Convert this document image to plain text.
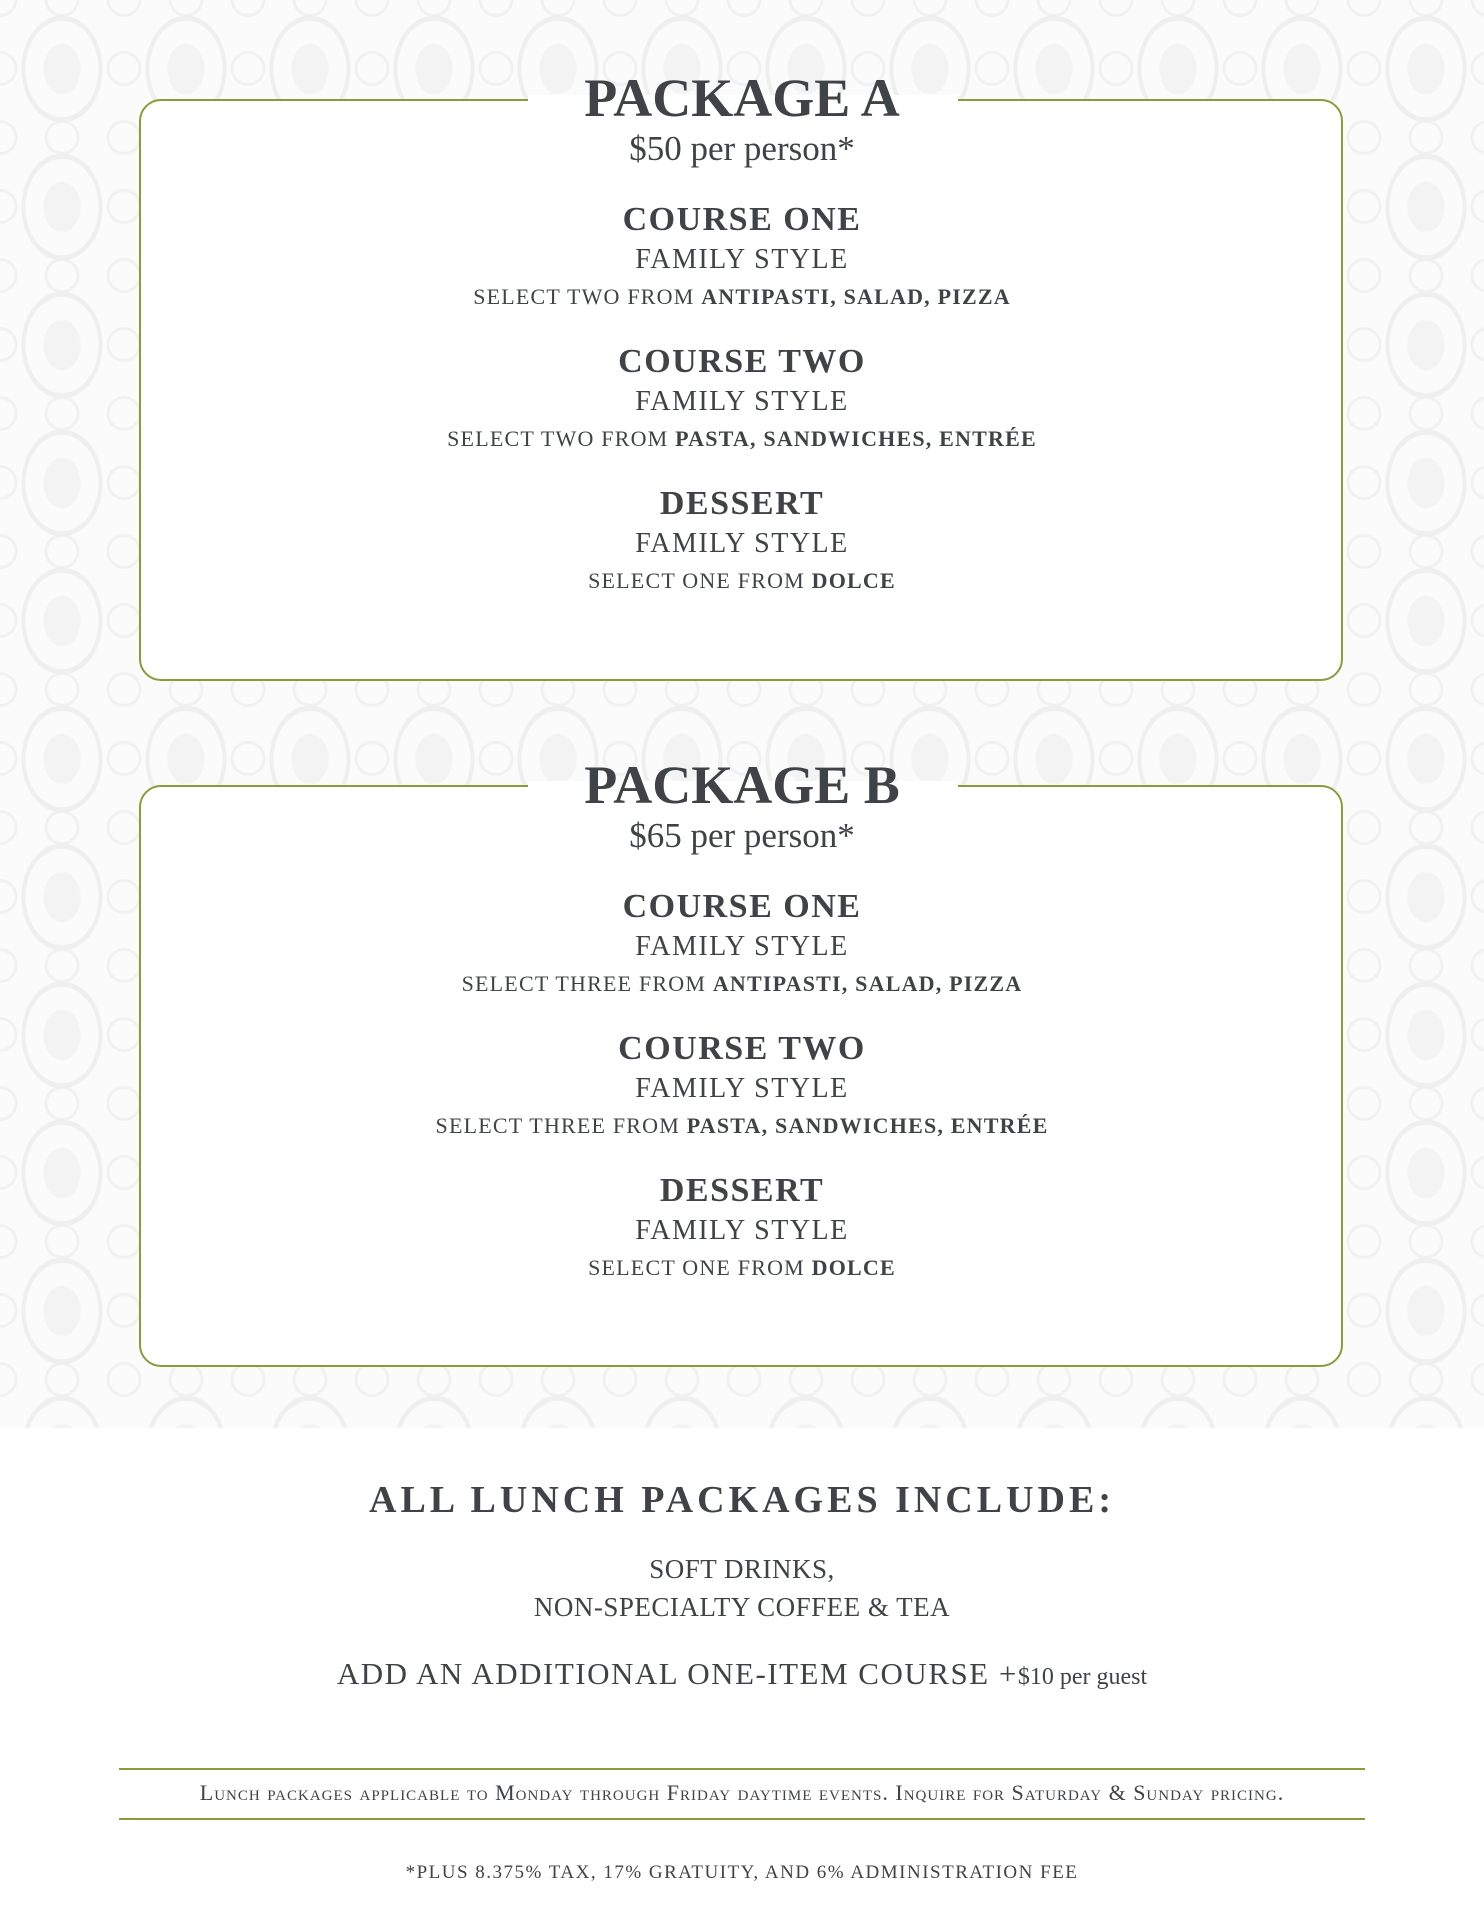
PACKAGE A
$50 per person*
COURSE ONE
FAMILY STYLE
SELECT TWO FROM ANTIPASTI, SALAD, PIZZA
COURSE TWO
FAMILY STYLE
SELECT TWO FROM PASTA, SANDWICHES, ENTRÉE
DESSERT
FAMILY STYLE
SELECT ONE FROM DOLCE
PACKAGE B
$65 per person*
COURSE ONE
FAMILY STYLE
SELECT THREE FROM ANTIPASTI, SALAD, PIZZA
COURSE TWO
FAMILY STYLE
SELECT THREE FROM PASTA, SANDWICHES, ENTRÉE
DESSERT
FAMILY STYLE
SELECT ONE FROM DOLCE
ALL LUNCH PACKAGES INCLUDE:
SOFT DRINKS,
NON-SPECIALTY COFFEE & TEA
ADD AN ADDITIONAL ONE-ITEM COURSE +$10 per guest
Lunch packages applicable to Monday through Friday daytime events. Inquire for Saturday & Sunday pricing.
*PLUS 8.375% TAX, 17% GRATUITY, AND 6% ADMINISTRATION FEE
